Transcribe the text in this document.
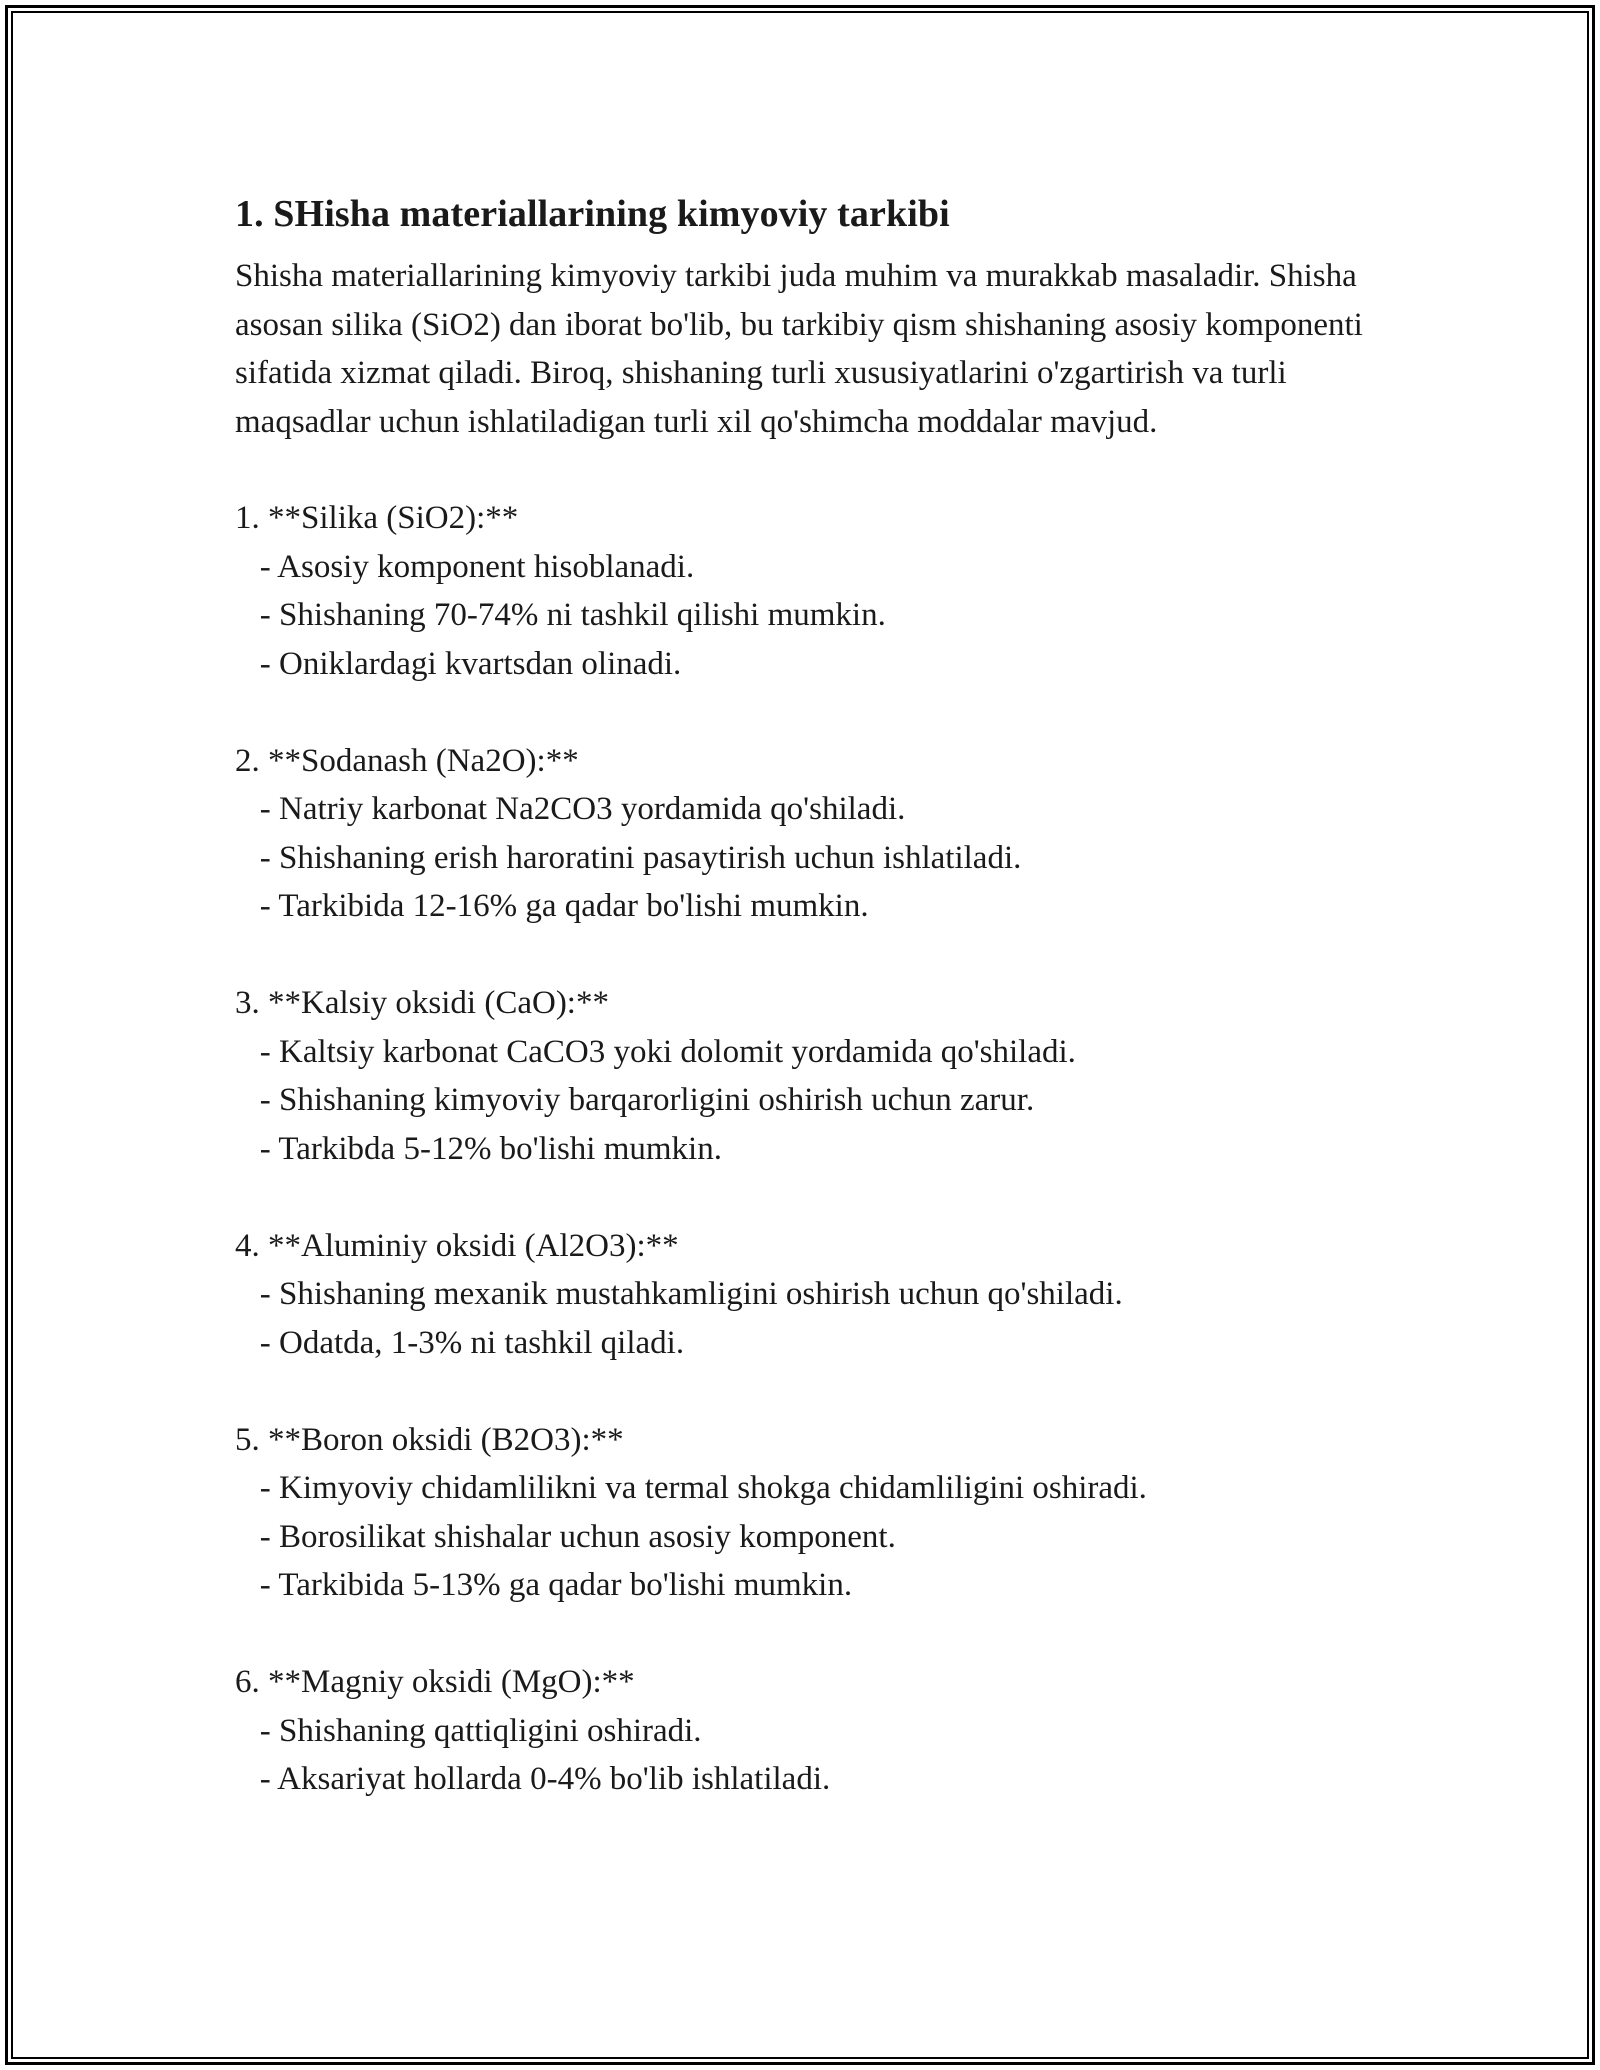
1. SHisha materiallarining kimyoviy tarkibi

Shisha materiallarining kimyoviy tarkibi juda muhim va murakkab masaladir. Shisha asosan silika (SiO2) dan iborat bo'lib, bu tarkibiy qism shishaning asosiy komponenti sifatida xizmat qiladi. Biroq, shishaning turli xususiyatlarini o'zgartirish va turli maqsadlar uchun ishlatiladigan turli xil qo'shimcha moddalar mavjud.

1. **Silika (SiO2):**
- Asosiy komponent hisoblanadi.
- Shishaning 70-74% ni tashkil qilishi mumkin.
- Oniklardagi kvartsdan olinadi.
2. **Sodanash (Na2O):**
- Natriy karbonat Na2CO3 yordamida qo'shiladi.
- Shishaning erish haroratini pasaytirish uchun ishlatiladi.
- Tarkibida 12-16% ga qadar bo'lishi mumkin.
3. **Kalsiy oksidi (CaO):**
- Kaltsiy karbonat CaCO3 yoki dolomit yordamida qo'shiladi.
- Shishaning kimyoviy barqarorligini oshirish uchun zarur.
- Tarkibda 5-12% bo'lishi mumkin.
4. **Aluminiy oksidi (Al2O3):**
- Shishaning mexanik mustahkamligini oshirish uchun qo'shiladi.
- Odatda, 1-3% ni tashkil qiladi.
5. **Boron oksidi (B2O3):**
- Kimyoviy chidamlilikni va termal shokga chidamliligini oshiradi.
- Borosilikat shishalar uchun asosiy komponent.
- Tarkibida 5-13% ga qadar bo'lishi mumkin.
6. **Magniy oksidi (MgO):**
- Shishaning qattiqligini oshiradi.
- Aksariyat hollarda 0-4% bo'lib ishlatiladi.
